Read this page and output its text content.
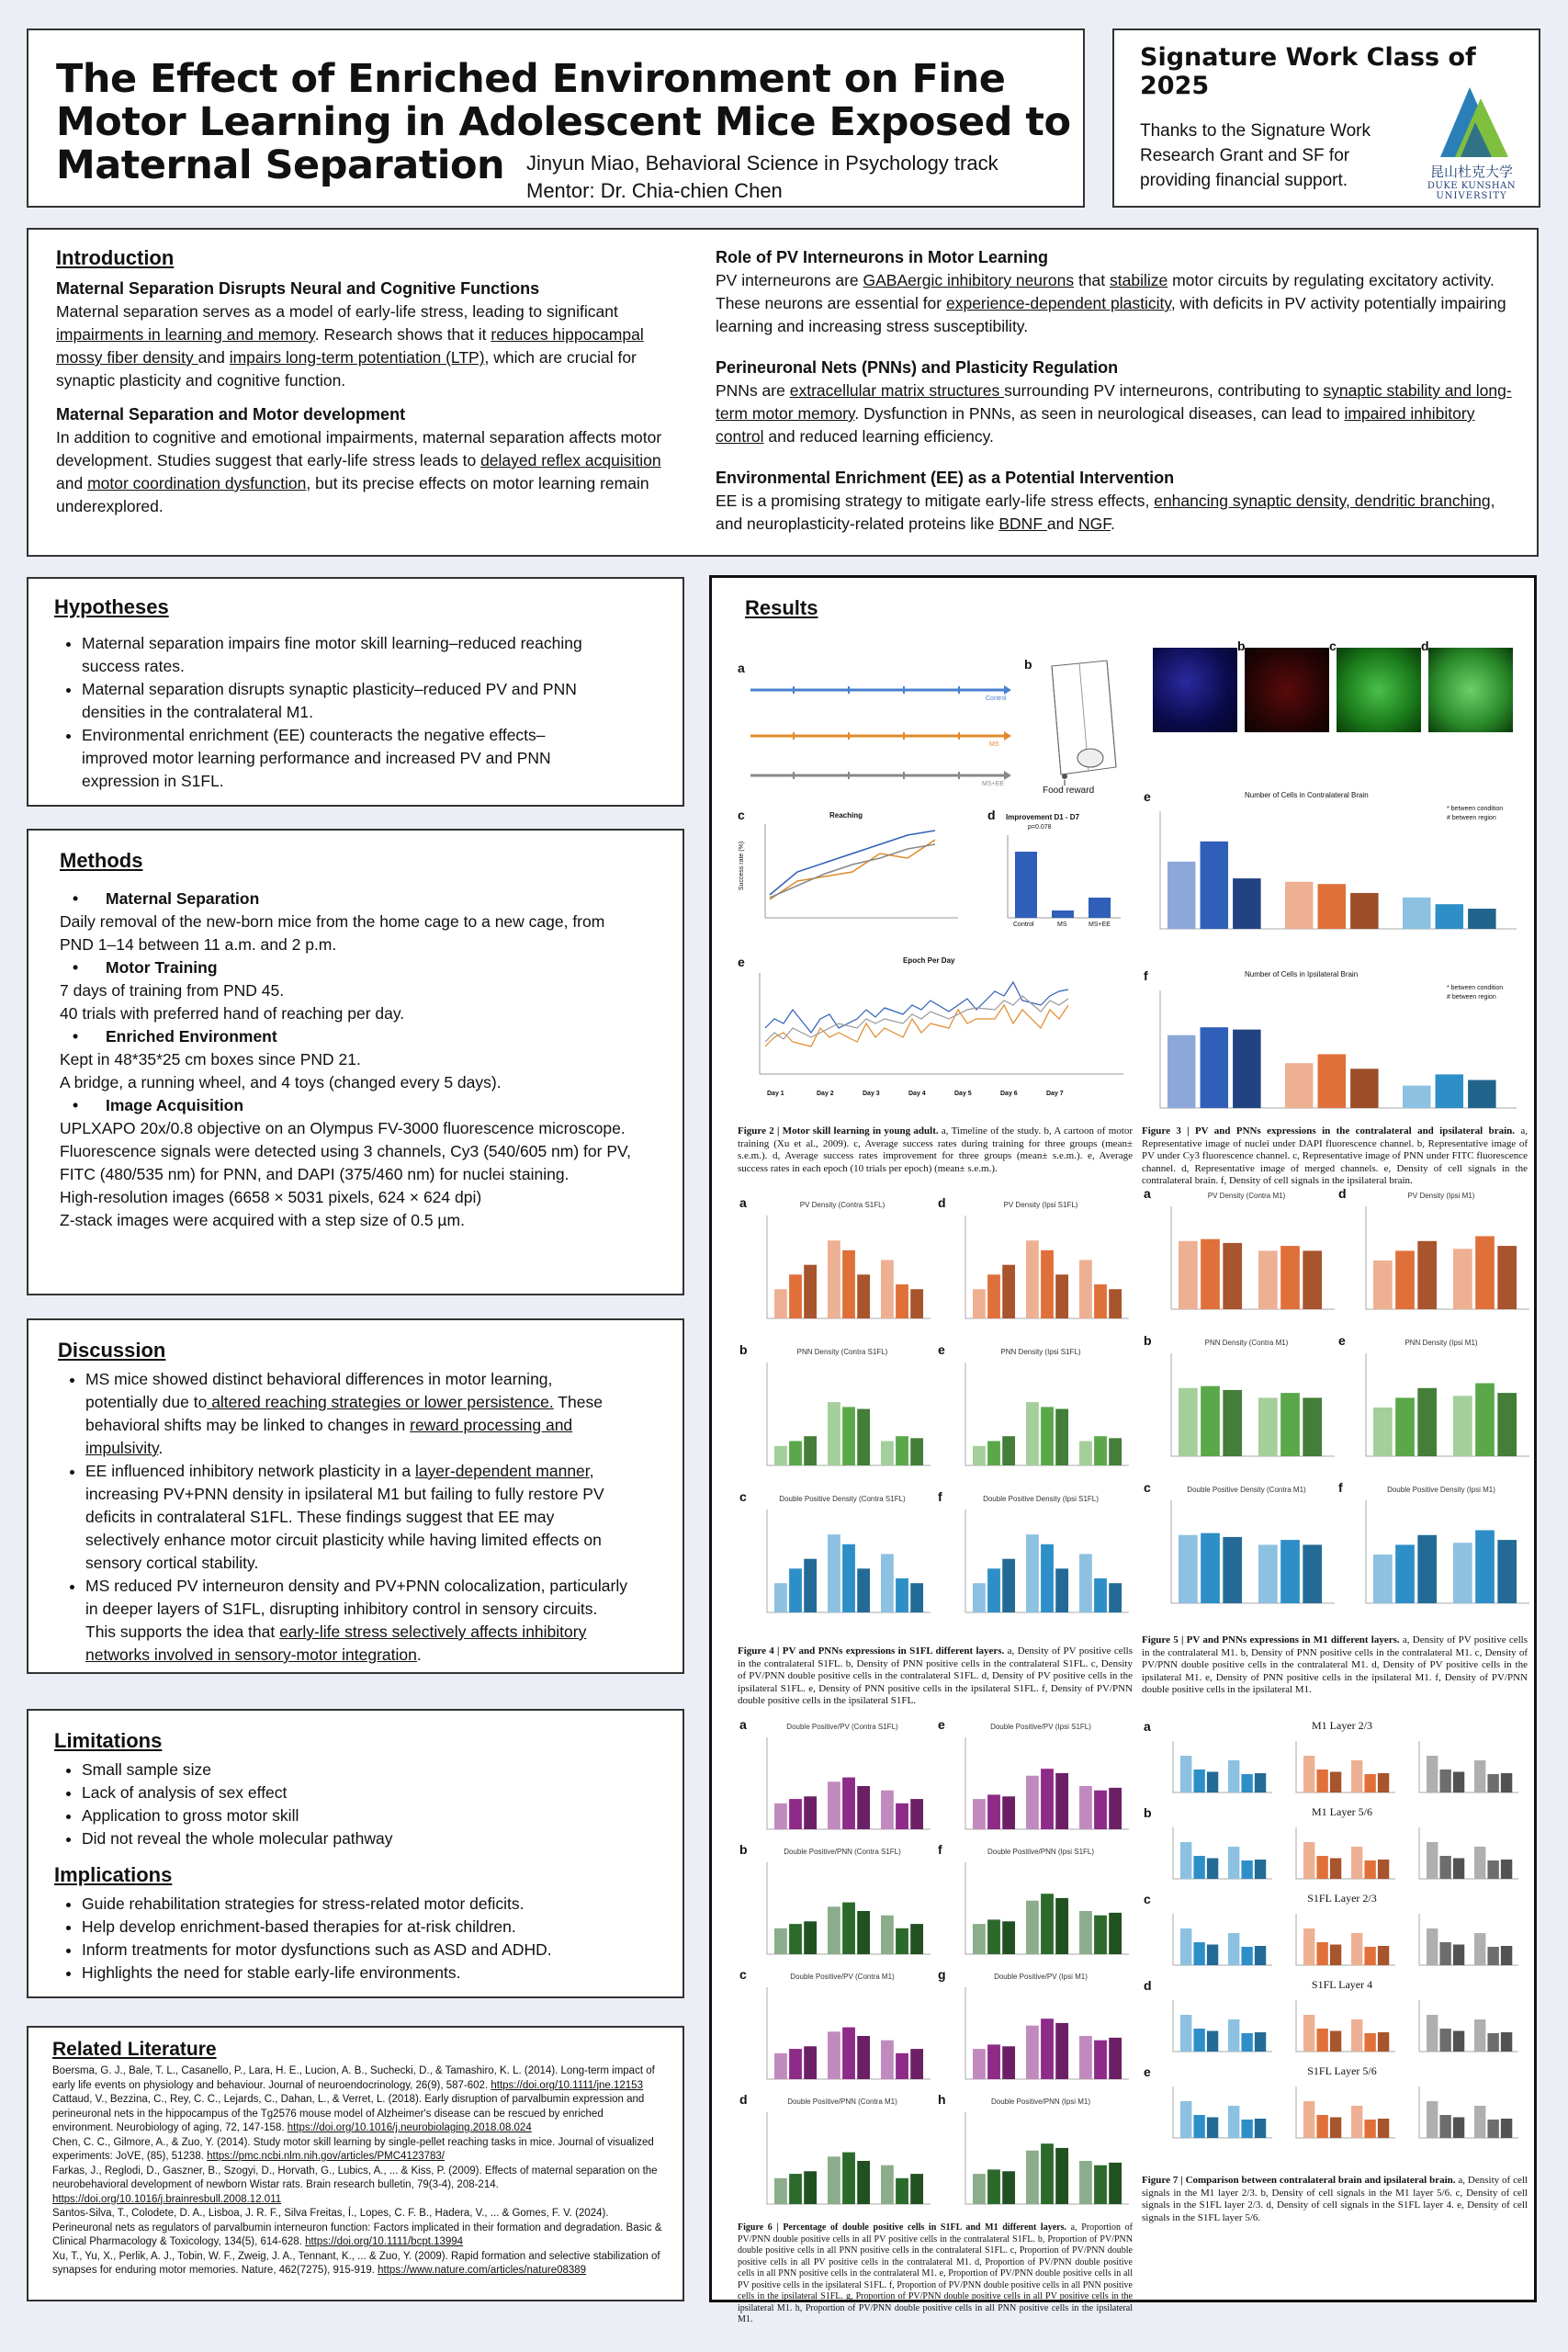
The Effect of Enriched Environment on Fine
Motor Learning in Adolescent Mice Exposed to
Maternal Separation	Jinyun Miao, Behavioral Science in Psychology track
Mentor: Dr. Chia-chien Chen
Signature Work Class of 2025
Thanks to the Signature Work
Research Grant and SF for
providing financial support.	昆山杜克大学
DUKE KUNSHAN
UNIVERSITY
Introduction
Maternal Separation Disrupts Neural and Cognitive Functions

Maternal separation serves as a model of early-life stress, leading to significant impairments in learning and memory. Research shows that it reduces hippocampal mossy fiber density and impairs long-term potentiation (LTP), which are crucial for synaptic plasticity and cognitive function.

Maternal Separation and Motor development

In addition to cognitive and emotional impairments, maternal separation affects motor development. Studies suggest that early-life stress leads to delayed reflex acquisition and motor coordination dysfunction, but its precise effects on motor learning remain underexplored.

Role of PV Interneurons in Motor Learning

PV interneurons are GABAergic inhibitory neurons that stabilize motor circuits by regulating excitatory activity. These neurons are essential for experience-dependent plasticity, with deficits in PV activity potentially impairing learning and increasing stress susceptibility.

Perineuronal Nets (PNNs) and Plasticity Regulation

PNNs are extracellular matrix structures surrounding PV interneurons, contributing to synaptic stability and long-term motor memory. Dysfunction in PNNs, as seen in neurological diseases, can lead to impaired inhibitory control and reduced learning efficiency.

Environmental Enrichment (EE) as a Potential Intervention

EE is a promising strategy to mitigate early-life stress effects, enhancing synaptic density, dendritic branching, and neuroplasticity-related proteins like BDNF and NGF.

Hypotheses
• Maternal separation impairs fine motor skill learning–reduced reaching success rates.
• Maternal separation disrupts synaptic plasticity–reduced PV and PNN densities in the contralateral M1.
• Environmental enrichment (EE) counteracts the negative effects–improved motor learning performance and increased PV and PNN expression in S1FL.
Methods
• Maternal Separation

Daily removal of the new-born mice from the home cage to a new cage, from PND 1–14 between 11 a.m. and 2 p.m.

• Motor Training

7 days of training from PND 45.

40 trials with preferred hand of reaching per day.

• Enriched Environment

Kept in 48*35*25 cm boxes since PND 21.

A bridge, a running wheel, and 4 toys (changed every 5 days).

• Image Acquisition

UPLXAPO 20x/0.8 objective on an Olympus FV-3000 fluorescence microscope.

Fluorescence signals were detected using 3 channels, Cy3 (540/605 nm) for PV, FITC (480/535 nm) for PNN, and DAPI (375/460 nm) for nuclei staining.

High-resolution images (6658 × 5031 pixels, 624 × 624 dpi)

Z-stack images were acquired with a step size of 0.5 µm.

Discussion
• MS mice showed distinct behavioral differences in motor learning, potentially due to altered reaching strategies or lower persistence. These behavioral shifts may be linked to changes in reward processing and impulsivity.
• EE influenced inhibitory network plasticity in a layer-dependent manner, increasing PV+PNN density in ipsilateral M1 but failing to fully restore PV deficits in contralateral S1FL. These findings suggest that EE may selectively enhance motor circuit plasticity while having limited effects on sensory cortical stability.
• MS reduced PV interneuron density and PV+PNN colocalization, particularly in deeper layers of S1FL, disrupting inhibitory control in sensory circuits. This supports the idea that early-life stress selectively affects inhibitory networks involved in sensory-motor integration.
Limitations
• Small sample size
• Lack of analysis of sex effect
• Application to gross motor skill
• Did not reveal the whole molecular pathway
Implications
• Guide rehabilitation strategies for stress-related motor deficits.
• Help develop enrichment-based therapies for at-risk children.
• Inform treatments for motor dysfunctions such as ASD and ADHD.
• Highlights the need for stable early-life environments.
Related Literature
Boersma, G. J., Bale, T. L., Casanello, P., Lara, H. E., Lucion, A. B., Suchecki, D., & Tamashiro, K. L. (2014). Long-term impact of early life events on physiology and behaviour. Journal of neuroendocrinology, 26(9), 587-602. https://doi.org/10.1111/jne.12153
Cattaud, V., Bezzina, C., Rey, C. C., Lejards, C., Dahan, L., & Verret, L. (2018). Early disruption of parvalbumin expression and perineuronal nets in the hippocampus of the Tg2576 mouse model of Alzheimer's disease can be rescued by enriched environment. Neurobiology of aging, 72, 147-158. https://doi.org/10.1016/j.neurobiolaging.2018.08.024
Chen, C. C., Gilmore, A., & Zuo, Y. (2014). Study motor skill learning by single-pellet reaching tasks in mice. Journal of visualized experiments: JoVE, (85), 51238. https://pmc.ncbi.nlm.nih.gov/articles/PMC4123783/
Farkas, J., Reglodi, D., Gaszner, B., Szogyi, D., Horvath, G., Lubics, A., ... & Kiss, P. (2009). Effects of maternal separation on the neurobehavioral development of newborn Wistar rats. Brain research bulletin, 79(3-4), 208-214. https://doi.org/10.1016/j.brainresbull.2008.12.011
Santos-Silva, T., Colodete, D. A., Lisboa, J. R. F., Silva Freitas, Í., Lopes, C. F. B., Hadera, V., ... & Gomes, F. V. (2024). Perineuronal nets as regulators of parvalbumin interneuron function: Factors implicated in their formation and degradation. Basic & Clinical Pharmacology & Toxicology, 134(5), 614-628. https://doi.org/10.1111/bcpt.13994
Xu, T., Yu, X., Perlik, A. J., Tobin, W. F., Zweig, J. A., Tennant, K., ... & Zuo, Y. (2009). Rapid formation and selective stabilization of synapses for enduring motor memories. Nature, 462(7275), 915-919. https://www.nature.com/articles/nature08389
Results
a
Control
MS
MS+EE
b
Food reward
a	b	c	d
c	Reaching
Success rate (%)
d Improvement D1 - D7
p=0.078
Control	MS	MS+EE
e	Epoch Per Day
Day 1	Day 2	Day 3	Day 4	Day 5	Day 6	Day 7
e	Number of Cells in Contralateral Brain
* between condition
# between region
f	Number of Cells in Ipsilateral Brain
* between condition
# between region
Figure 2 | Motor skill learning in young adult. a, Timeline of the study. b, A cartoon of motor training (Xu et al., 2009). c, Average success rates during training for three groups (mean± s.e.m.). d, Average success rates improvement for three groups (mean± s.e.m.). e, Average success rates in each epoch (10 trials per epoch) (mean± s.e.m.).
Figure 3 | PV and PNNs expressions in the contralateral and ipsilateral brain. a, Representative image of nuclei under DAPI fluorescence channel. b, Representative image of PV under Cy3 fluorescence channel. c, Representative image of PNN under FITC fluorescence channel. d, Representative image of merged channels. e, Density of cell signals in the contralateral brain. f, Density of cell signals in the ipsilateral brain.
Figure 4 | PV and PNNs expressions in S1FL different layers. a, Density of PV positive cells in the contralateral S1FL. b, Density of PNN positive cells in the contralateral S1FL. c, Density of PV/PNN double positive cells in the contralateral S1FL. d, Density of PV positive cells in the ipsilateral S1FL. e, Density of PNN positive cells in the ipsilateral S1FL. f, Density of PV/PNN double positive cells in the ipsilateral S1FL.
Figure 5 | PV and PNNs expressions in M1 different layers. a, Density of PV positive cells in the contralateral M1. b, Density of PNN positive cells in the contralateral M1. c, Density of PV/PNN double positive cells in the contralateral M1. d, Density of PV positive cells in the ipsilateral M1. e, Density of PNN positive cells in the ipsilateral M1. f, Density of PV/PNN double positive cells in the ipsilateral M1.
Figure 6 | Percentage of double positive cells in S1FL and M1 different layers. a, Proportion of PV/PNN double positive cells in all PV positive cells in the contralateral S1FL. b, Proportion of PV/PNN double positive cells in all PNN positive cells in the contralateral S1FL. c, Proportion of PV/PNN double positive cells in all PV positive cells in the contralateral M1. d, Proportion of PV/PNN double positive cells in all PNN positive cells in the contralateral M1. e, Proportion of PV/PNN double positive cells in all PV positive cells in the ipsilateral S1FL. f, Proportion of PV/PNN double positive cells in all PNN positive cells in the ipsilateral S1FL. g, Proportion of PV/PNN double positive cells in all PV positive cells in the ipsilateral M1. h, Proportion of PV/PNN double positive cells in all PNN positive cells in the ipsilateral M1.
Figure 7 | Comparison between contralateral brain and ipsilateral brain. a, Density of cell signals in the M1 layer 2/3. b, Density of cell signals in the M1 layer 5/6. c, Density of cell signals in the S1FL layer 2/3. d, Density of cell signals in the S1FL layer 4. e, Density of cell signals in the S1FL layer 5/6.
a	PV Density (Contra S1FL)	d	PV Density (Ipsi S1FL)
a	PV Density (Contra M1)	d	PV Density (Ipsi M1)
b	PNN Density (Contra S1FL)	e	PNN Density (Ipsi S1FL)
b	PNN Density (Contra M1)	e	PNN Density (Ipsi M1)
c	Double Positive Density (Contra S1FL)	f	Double Positive Density (Ipsi S1FL)
c	Double Positive Density (Contra M1)	f	Double Positive Density (Ipsi M1)
a	Double Positive/PV (Contra S1FL)	e	Double Positive/PV (Ipsi S1FL)
b	Double Positive/PNN (Contra S1FL)	f	Double Positive/PNN (Ipsi S1FL)
c	Double Positive/PV (Contra M1)	g	Double Positive/PV (Ipsi M1)
d	Double Positive/PNN (Contra M1)	h	Double Positive/PNN (Ipsi M1)
a	M1 Layer 2/3
b	M1 Layer 5/6
c	S1FL Layer 2/3
d	S1FL Layer 4
e	S1FL Layer 5/6
